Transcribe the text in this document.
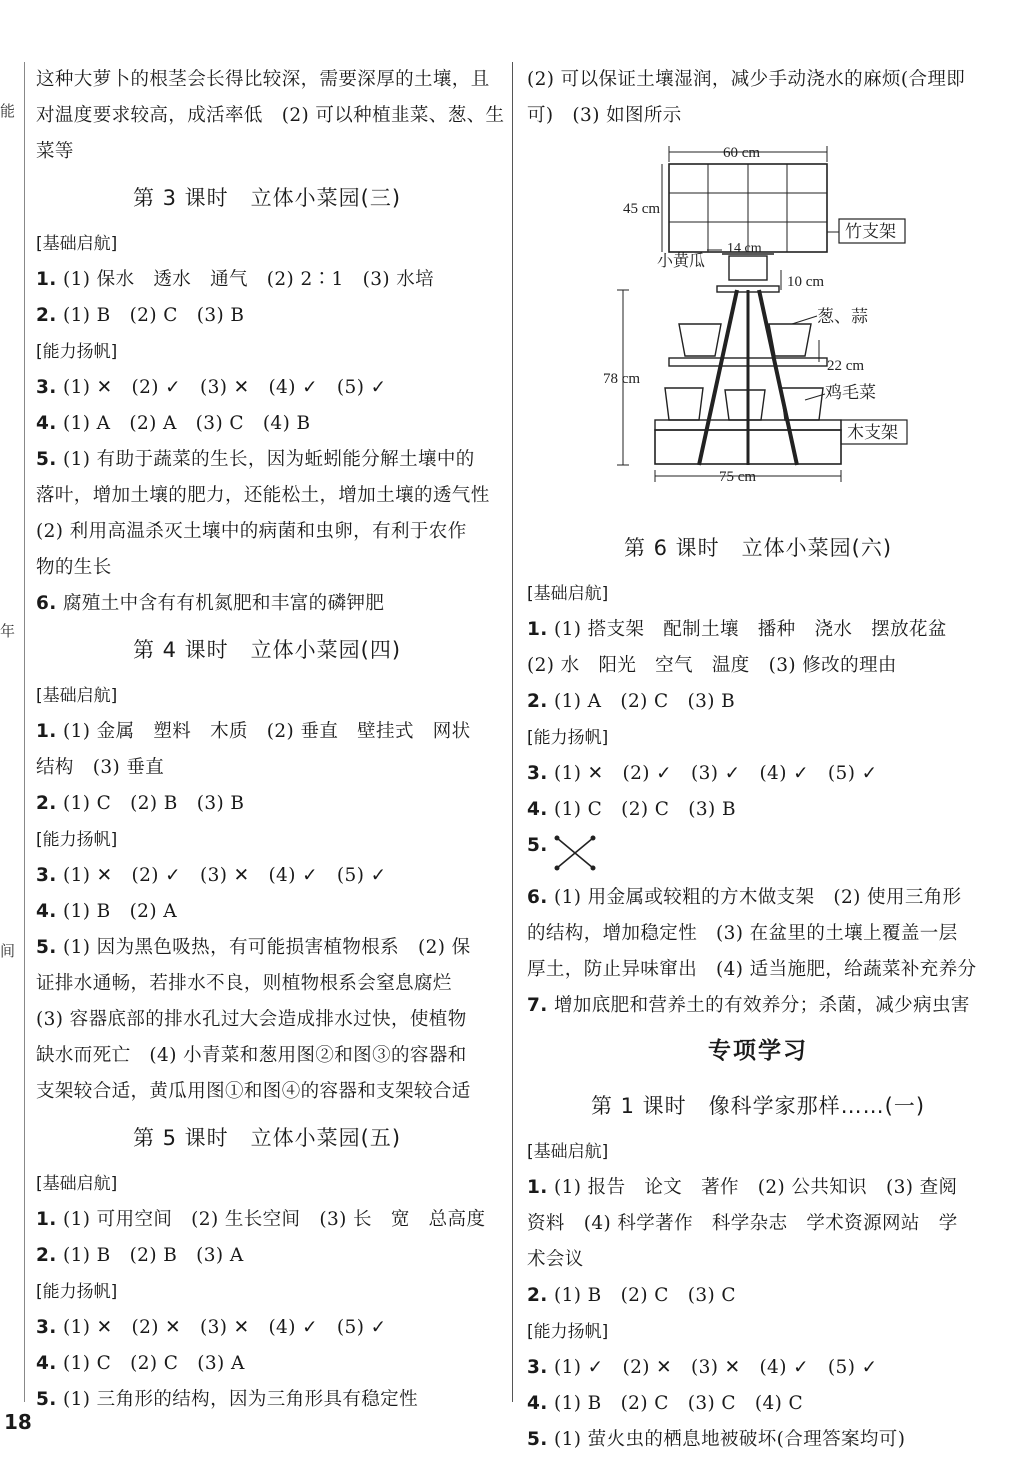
能
年
间
这种大萝卜的根茎会长得比较深，需要深厚的土壤，且
对温度要求较高，成活率低　(2) 可以种植韭菜、葱、生
菜等
第 3 课时　立体小菜园(三)
[基础启航]
1. (1) 保水　透水　通气　(2) 2∶1　(3) 水培
2. (1) B　(2) C　(3) B
[能力扬帆]
3. (1) ✕　(2) ✓　(3) ✕　(4) ✓　(5) ✓
4. (1) A　(2) A　(3) C　(4) B
5. (1) 有助于蔬菜的生长，因为蚯蚓能分解土壤中的
落叶，增加土壤的肥力，还能松土，增加土壤的透气性
(2) 利用高温杀灭土壤中的病菌和虫卵，有利于农作
物的生长
6. 腐殖土中含有有机氮肥和丰富的磷钾肥
第 4 课时　立体小菜园(四)
[基础启航]
1. (1) 金属　塑料　木质　(2) 垂直　壁挂式　网状
结构　(3) 垂直
2. (1) C　(2) B　(3) B
[能力扬帆]
3. (1) ✕　(2) ✓　(3) ✕　(4) ✓　(5) ✓
4. (1) B　(2) A
5. (1) 因为黑色吸热，有可能损害植物根系　(2) 保
证排水通畅，若排水不良，则植物根系会窒息腐烂
(3) 容器底部的排水孔过大会造成排水过快，使植物
缺水而死亡　(4) 小青菜和葱用图②和图③的容器和
支架较合适，黄瓜用图①和图④的容器和支架较合适
第 5 课时　立体小菜园(五)
[基础启航]
1. (1) 可用空间　(2) 生长空间　(3) 长　宽　总高度
2. (1) B　(2) B　(3) A
[能力扬帆]
3. (1) ✕　(2) ✕　(3) ✕　(4) ✓　(5) ✓
4. (1) C　(2) C　(3) A
5. (1) 三角形的结构，因为三角形具有稳定性
(2) 可以保证土壤湿润，减少手动浇水的麻烦(合理即
可)　(3) 如图所示
60 cm
45 cm
竹支架
小黄瓜
14 cm
10 cm
葱、蒜
22 cm
鸡毛菜
木支架
78 cm
75 cm
第 6 课时　立体小菜园(六)
[基础启航]
1. (1) 搭支架　配制土壤　播种　浇水　摆放花盆
(2) 水　阳光　空气　温度　(3) 修改的理由
2. (1) A　(2) C　(3) B
[能力扬帆]
3. (1) ✕　(2) ✓　(3) ✓　(4) ✓　(5) ✓
4. (1) C　(2) C　(3) B
5.
6. (1) 用金属或较粗的方木做支架　(2) 使用三角形
的结构，增加稳定性　(3) 在盆里的土壤上覆盖一层
厚土，防止异味窜出　(4) 适当施肥，给蔬菜补充养分
7. 增加底肥和营养土的有效养分；杀菌，减少病虫害
专项学习
第 1 课时　像科学家那样……(一)
[基础启航]
1. (1) 报告　论文　著作　(2) 公共知识　(3) 查阅
资料　(4) 科学著作　科学杂志　学术资源网站　学
术会议
2. (1) B　(2) C　(3) C
[能力扬帆]
3. (1) ✓　(2) ✕　(3) ✕　(4) ✓　(5) ✓
4. (1) B　(2) C　(3) C　(4) C
5. (1) 萤火虫的栖息地被破坏(合理答案均可)
18
